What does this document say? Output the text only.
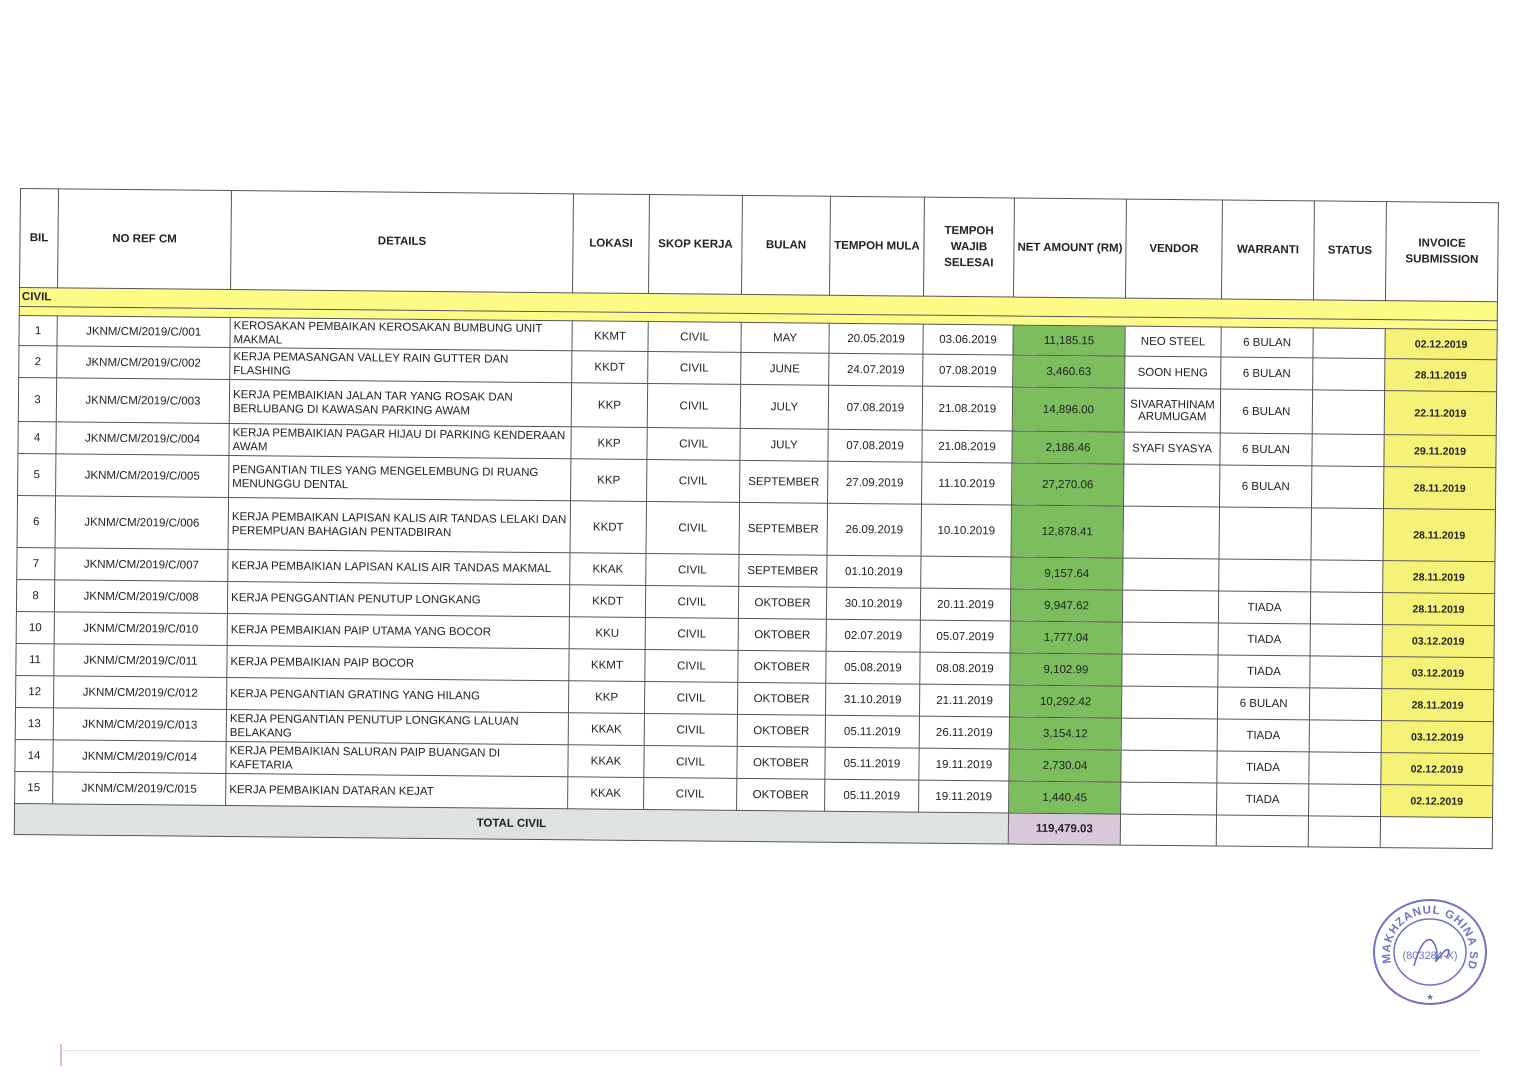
BIL	NO REF CM	DETAILS	LOKASI	SKOP KERJA	BULAN	TEMPOH MULA	TEMPOH WAJIB SELESAI	NET AMOUNT (RM)	VENDOR	WARRANTI	STATUS	INVOICE SUBMISSION
CIVIL												

1	JKNM/CM/2019/C/001	KEROSAKAN PEMBAIKAN KEROSAKAN BUMBUNG UNIT MAKMAL	KKMT	CIVIL	MAY	20.05.2019	03.06.2019	11,185.15	NEO STEEL	6 BULAN		02.12.2019
2	JKNM/CM/2019/C/002	KERJA PEMASANGAN VALLEY RAIN GUTTER DAN FLASHING	KKDT	CIVIL	JUNE	24.07.2019	07.08.2019	3,460.63	SOON HENG	6 BULAN		28.11.2019
3	JKNM/CM/2019/C/003	KERJA PEMBAIKIAN JALAN TAR YANG ROSAK DAN BERLUBANG DI KAWASAN PARKING AWAM	KKP	CIVIL	JULY	07.08.2019	21.08.2019	14,896.00	SIVARATHINAM ARUMUGAM	6 BULAN		22.11.2019
4	JKNM/CM/2019/C/004	KERJA PEMBAIKIAN PAGAR HIJAU DI PARKING KENDERAAN AWAM	KKP	CIVIL	JULY	07.08.2019	21.08.2019	2,186.46	SYAFI SYASYA	6 BULAN		29.11.2019
5	JKNM/CM/2019/C/005	PENGANTIAN TILES YANG MENGELEMBUNG DI RUANG MENUNGGU DENTAL	KKP	CIVIL	SEPTEMBER	27.09.2019	11.10.2019	27,270.06		6 BULAN		28.11.2019
6	JKNM/CM/2019/C/006	KERJA PEMBAIKAN LAPISAN KALIS AIR TANDAS LELAKI DAN PEREMPUAN BAHAGIAN PENTADBIRAN	KKDT	CIVIL	SEPTEMBER	26.09.2019	10.10.2019	12,878.41				28.11.2019
7	JKNM/CM/2019/C/007	KERJA PEMBAIKIAN LAPISAN KALIS AIR TANDAS MAKMAL	KKAK	CIVIL	SEPTEMBER	01.10.2019		9,157.64				28.11.2019
8	JKNM/CM/2019/C/008	KERJA PENGGANTIAN PENUTUP LONGKANG	KKDT	CIVIL	OKTOBER	30.10.2019	20.11.2019	9,947.62		TIADA		28.11.2019
10	JKNM/CM/2019/C/010	KERJA PEMBAIKIAN PAIP UTAMA YANG BOCOR	KKU	CIVIL	OKTOBER	02.07.2019	05.07.2019	1,777.04		TIADA		03.12.2019
11	JKNM/CM/2019/C/011	KERJA PEMBAIKIAN PAIP BOCOR	KKMT	CIVIL	OKTOBER	05.08.2019	08.08.2019	9,102.99		TIADA		03.12.2019
12	JKNM/CM/2019/C/012	KERJA PENGANTIAN GRATING YANG HILANG	KKP	CIVIL	OKTOBER	31.10.2019	21.11.2019	10,292.42		6 BULAN		28.11.2019
13	JKNM/CM/2019/C/013	KERJA PENGANTIAN PENUTUP LONGKANG LALUAN BELAKANG	KKAK	CIVIL	OKTOBER	05.11.2019	26.11.2019	3,154.12		TIADA		03.12.2019
14	JKNM/CM/2019/C/014	KERJA PEMBAIKIAN SALURAN PAIP BUANGAN DI KAFETARIA	KKAK	CIVIL	OKTOBER	05.11.2019	19.11.2019	2,730.04		TIADA		02.12.2019
15	JKNM/CM/2019/C/015	KERJA PEMBAIKIAN DATARAN KEJAT	KKAK	CIVIL	OKTOBER	05.11.2019	19.11.2019	1,440.45		TIADA		02.12.2019
TOTAL CIVIL								119,479.03				
MAKHZANUL GHINA SD
(803284-X)
★
